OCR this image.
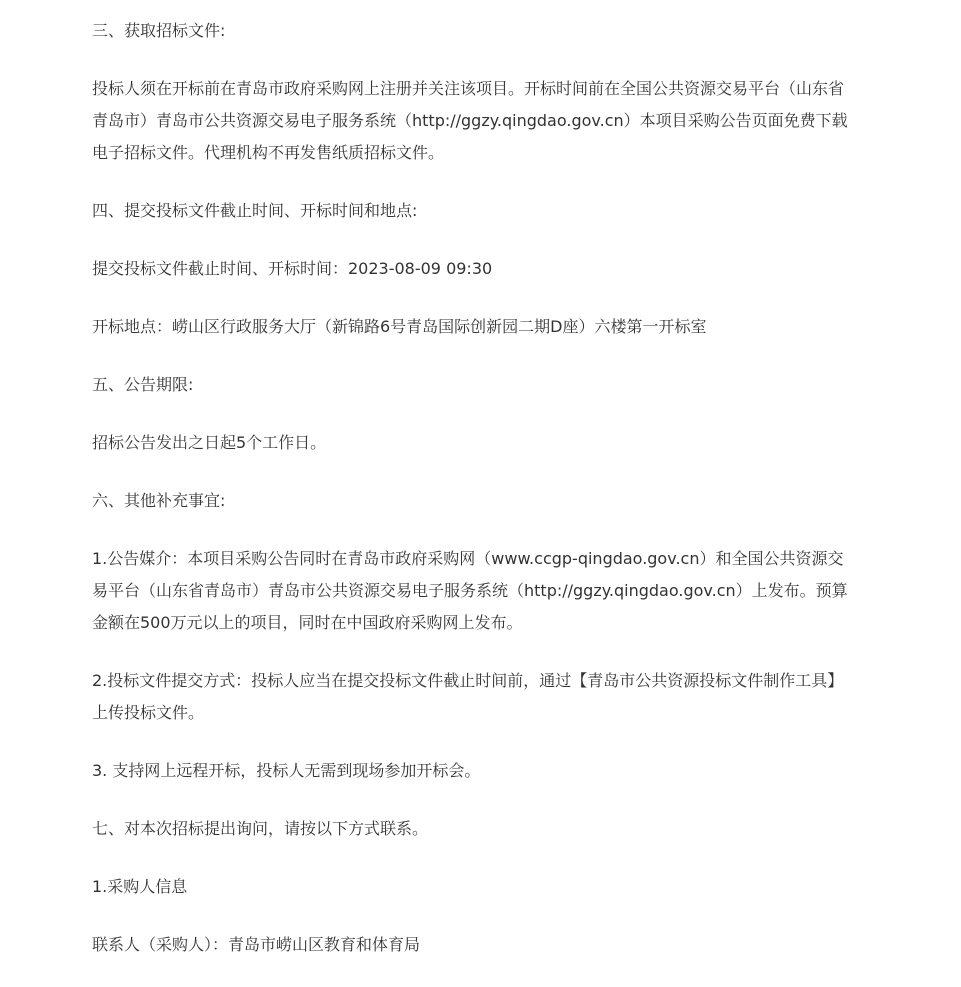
三、获取招标文件:

投标人须在开标前在青岛市政府采购网上注册并关注该项目。开标时间前在全国公共资源交易平台（山东省
青岛市）青岛市公共资源交易电子服务系统（http://ggzy.qingdao.gov.cn）本项目采购公告页面免费下载
电子招标文件。代理机构不再发售纸质招标文件。

四、提交投标文件截止时间、开标时间和地点:

提交投标文件截止时间、开标时间：2023-08-09 09:30

开标地点：崂山区行政服务大厅（新锦路6号青岛国际创新园二期D座）六楼第一开标室

五、公告期限:

招标公告发出之日起5个工作日。

六、其他补充事宜:

1.公告媒介：本项目采购公告同时在青岛市政府采购网（www.ccgp-qingdao.gov.cn）和全国公共资源交
易平台（山东省青岛市）青岛市公共资源交易电子服务系统（http://ggzy.qingdao.gov.cn）上发布。预算
金额在500万元以上的项目，同时在中国政府采购网上发布。

2.投标文件提交方式：投标人应当在提交投标文件截止时间前，通过【青岛市公共资源投标文件制作工具】
上传投标文件。

3. 支持网上远程开标，投标人无需到现场参加开标会。

七、对本次招标提出询问，请按以下方式联系。

1.采购人信息

联系人（采购人）：青岛市崂山区教育和体育局
